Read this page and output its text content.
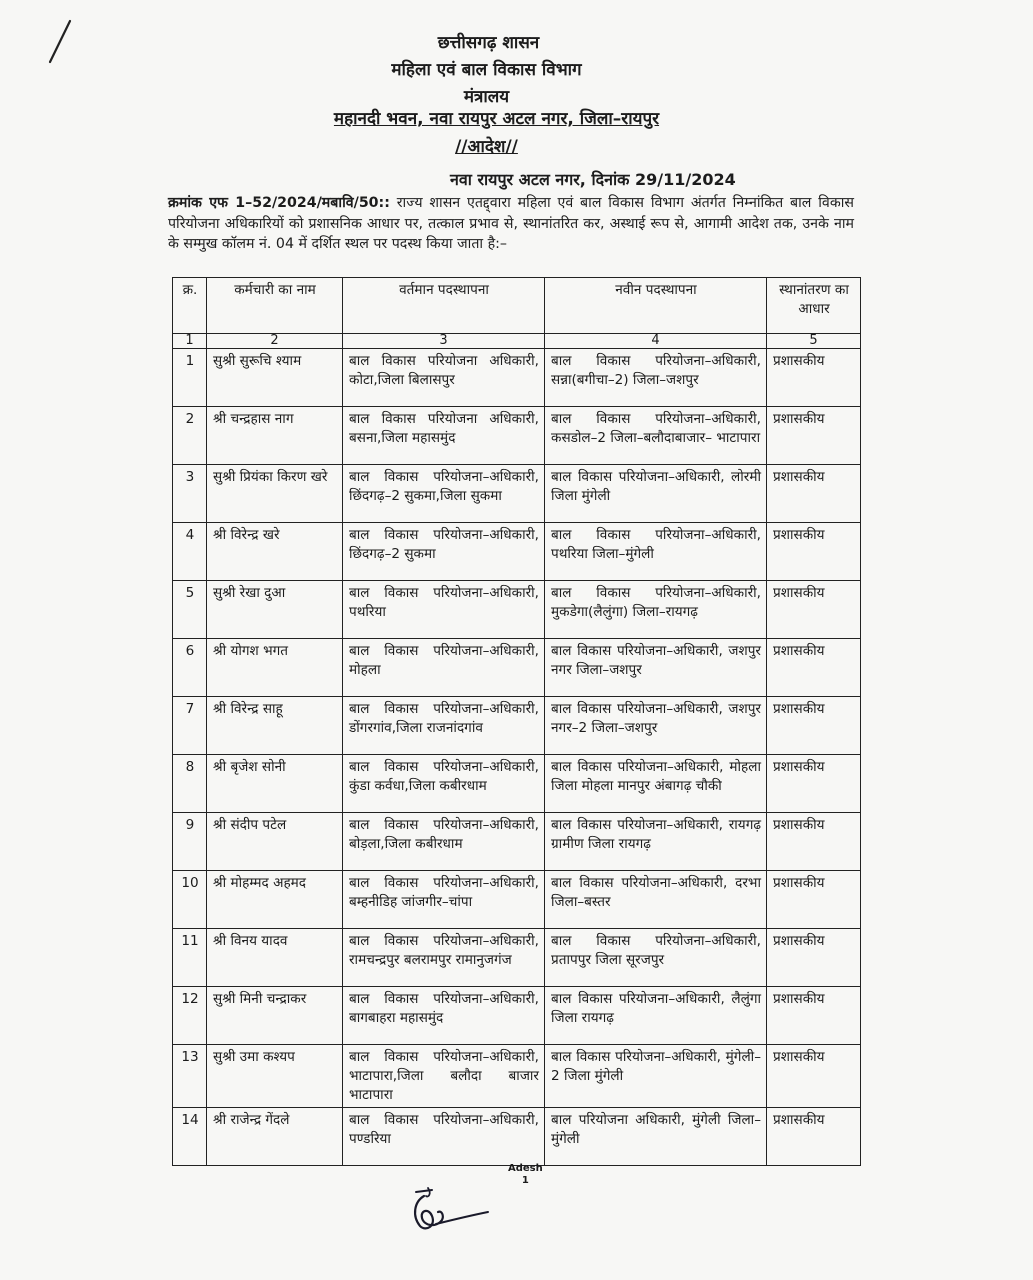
छत्तीसगढ़ शासन
महिला एवं बाल विकास विभाग
मंत्रालय
महानदी भवन, नवा रायपुर अटल नगर, जिला–रायपुर
//आदेश//
नवा रायपुर अटल नगर, दिनांक 29/11/2024
क्रमांक एफ 1–52/2024/मबावि/50:: राज्य शासन एतद्द्वारा महिला एवं बाल विकास विभाग अंतर्गत निम्नांकित बाल विकास परियोजना अधिकारियों को प्रशासनिक आधार पर, तत्काल प्रभाव से, स्थानांतरित कर, अस्थाई रूप से, आगामी आदेश तक, उनके नाम के सम्मुख कॉलम नं. 04 में दर्शित स्थल पर पदस्थ किया जाता है:–
क्र.	कर्मचारी का नाम	वर्तमान पदस्थापना	नवीन पदस्थापना	स्थानांतरण का आधार
1	2	3	4	5
1	सुश्री सुरूचि श्याम	बाल विकास परियोजना अधिकारी, कोटा,जिला बिलासपुर	बाल विकास परियोजना–अधिकारी, सन्ना(बगीचा–2) जिला–जशपुर	प्रशासकीय
2	श्री चन्द्रहास नाग	बाल विकास परियोजना अधिकारी, बसना,जिला महासमुंद	बाल विकास परियोजना–अधिकारी, कसडोल–2 जिला–बलौदाबाजार– भाटापारा	प्रशासकीय
3	सुश्री प्रियंका किरण खरे	बाल विकास परियोजना–अधिकारी, छिंदगढ़–2 सुकमा,जिला सुकमा	बाल विकास परियोजना–अधिकारी, लोरमी जिला मुंगेली	प्रशासकीय
4	श्री विरेन्द्र खरे	बाल विकास परियोजना–अधिकारी, छिंदगढ़–2 सुकमा	बाल विकास परियोजना–अधिकारी, पथरिया जिला–मुंगेली	प्रशासकीय
5	सुश्री रेखा दुआ	बाल विकास परियोजना–अधिकारी, पथरिया	बाल विकास परियोजना–अधिकारी, मुकडेगा(लैलुंगा) जिला–रायगढ़	प्रशासकीय
6	श्री योगश भगत	बाल विकास परियोजना–अधिकारी, मोहला	बाल विकास परियोजना–अधिकारी, जशपुर नगर जिला–जशपुर	प्रशासकीय
7	श्री विरेन्द्र साहू	बाल विकास परियोजना–अधिकारी, डोंगरगांव,जिला राजनांदगांव	बाल विकास परियोजना–अधिकारी, जशपुर नगर–2 जिला–जशपुर	प्रशासकीय
8	श्री बृजेश सोनी	बाल विकास परियोजना–अधिकारी, कुंडा कर्वधा,जिला कबीरधाम	बाल विकास परियोजना–अधिकारी, मोहला जिला मोहला मानपुर अंबागढ़ चौकी	प्रशासकीय
9	श्री संदीप पटेल	बाल विकास परियोजना–अधिकारी, बोड़ला,जिला कबीरधाम	बाल विकास परियोजना–अधिकारी, रायगढ़ ग्रामीण जिला रायगढ़	प्रशासकीय
10	श्री मोहम्मद अहमद	बाल विकास परियोजना–अधिकारी, बम्हनीडिह जांजगीर–चांपा	बाल विकास परियोजना–अधिकारी, दरभा जिला–बस्तर	प्रशासकीय
11	श्री विनय यादव	बाल विकास परियोजना–अधिकारी, रामचन्द्रपुर बलरामपुर रामानुजगंज	बाल विकास परियोजना–अधिकारी, प्रतापपुर जिला सूरजपुर	प्रशासकीय
12	सुश्री मिनी चन्द्राकर	बाल विकास परियोजना–अधिकारी, बागबाहरा महासमुंद	बाल विकास परियोजना–अधिकारी, लैलुंगा जिला रायगढ़	प्रशासकीय
13	सुश्री उमा कश्यप	बाल विकास परियोजना–अधिकारी, भाटापारा,जिला बलौदा बाजार भाटापारा	बाल विकास परियोजना–अधिकारी, मुंगेली–2 जिला मुंगेली	प्रशासकीय
14	श्री राजेन्द्र गेंदले	बाल विकास परियोजना–अधिकारी, पण्डरिया	बाल परियोजना अधिकारी, मुंगेली जिला–मुंगेली	प्रशासकीय
Adesh
1
